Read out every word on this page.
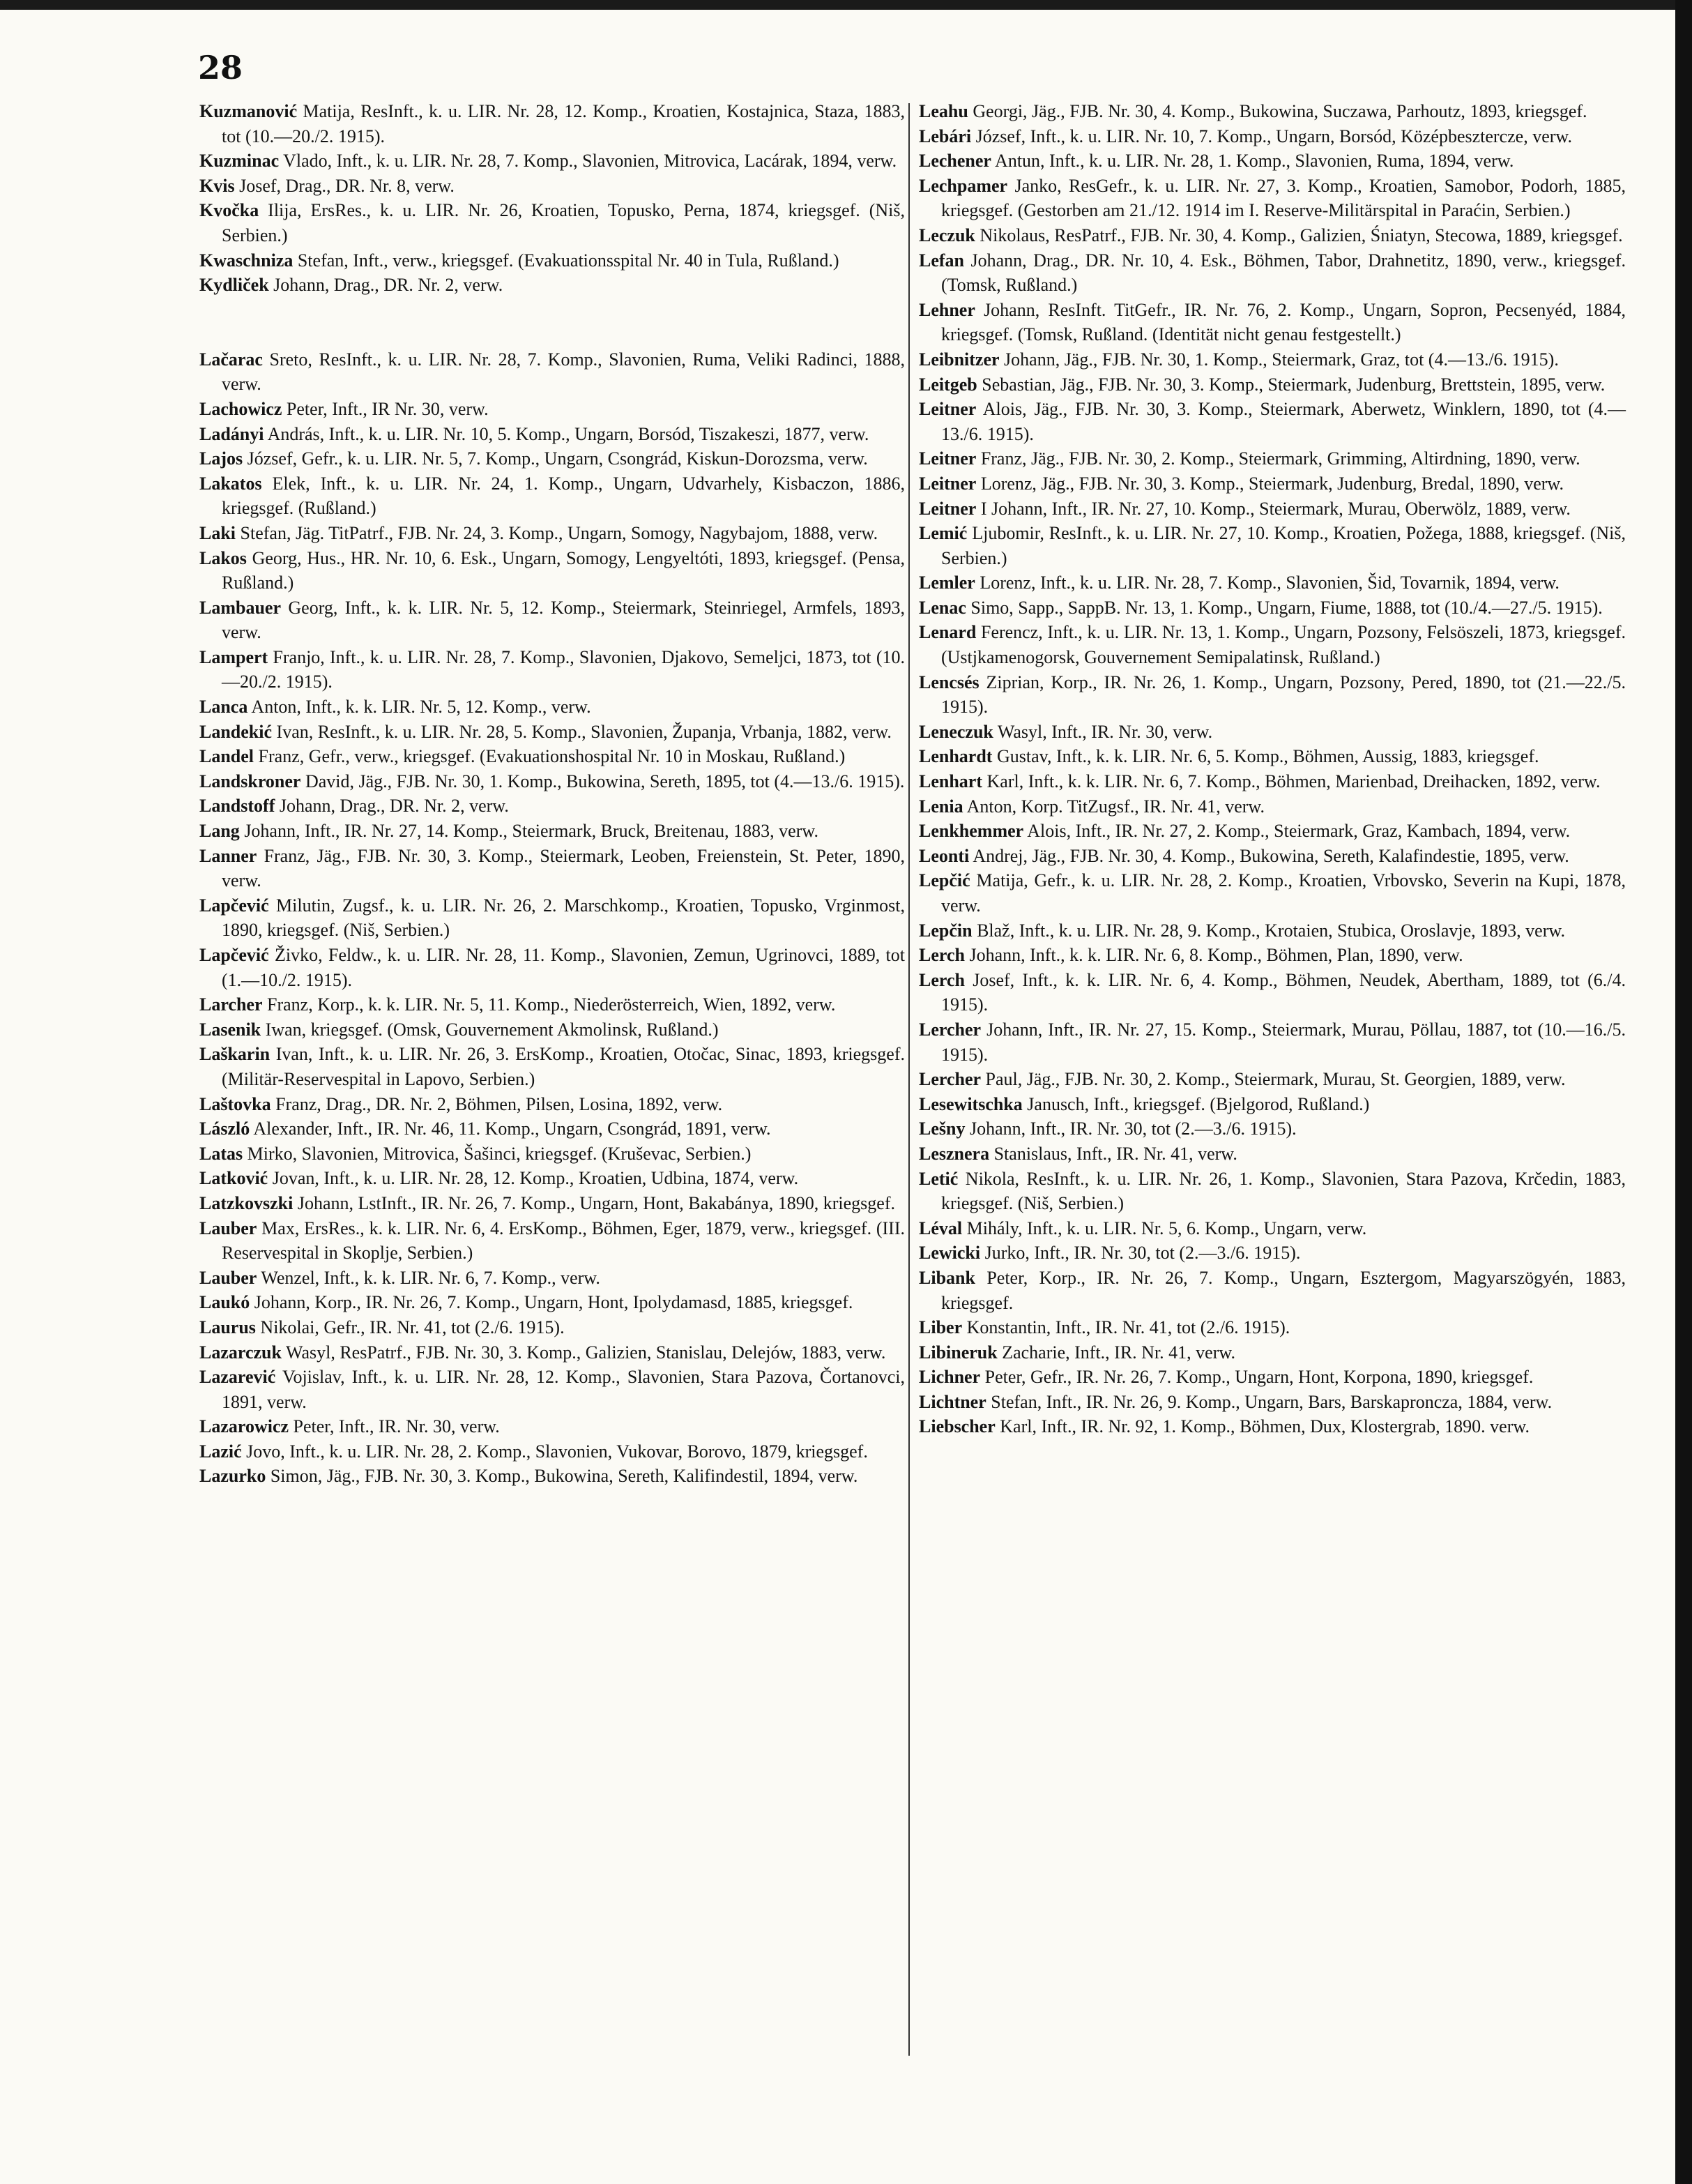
28

Kuzmanović Matija, ResInft., k. u. LIR. Nr. 28, 12. Komp., Kroatien, Kostajnica, Staza, 1883, tot (10.—20./2. 1915).

Kuzminac Vlado, Inft., k. u. LIR. Nr. 28, 7. Komp., Slavonien, Mitrovica, Lacárak, 1894, verw.

Kvis Josef, Drag., DR. Nr. 8, verw.

Kvočka Ilija, ErsRes., k. u. LIR. Nr. 26, Kroatien, Topusko, Perna, 1874, kriegsgef. (Niš, Serbien.)

Kwaschniza Stefan, Inft., verw., kriegsgef. (Evakuationsspital Nr. 40 in Tula, Rußland.)

Kydliček Johann, Drag., DR. Nr. 2, verw.

Lačarac Sreto, ResInft., k. u. LIR. Nr. 28, 7. Komp., Slavonien, Ruma, Veliki Radinci, 1888, verw.

Lachowicz Peter, Inft., IR Nr. 30, verw.

Ladányi András, Inft., k. u. LIR. Nr. 10, 5. Komp., Ungarn, Borsód, Tiszakeszi, 1877, verw.

Lajos József, Gefr., k. u. LIR. Nr. 5, 7. Komp., Ungarn, Csongrád, Kiskun-Dorozsma, verw.

Lakatos Elek, Inft., k. u. LIR. Nr. 24, 1. Komp., Ungarn, Udvarhely, Kisbaczon, 1886, kriegsgef. (Rußland.)

Laki Stefan, Jäg. TitPatrf., FJB. Nr. 24, 3. Komp., Ungarn, Somogy, Nagybajom, 1888, verw.

Lakos Georg, Hus., HR. Nr. 10, 6. Esk., Ungarn, Somogy, Lengyeltóti, 1893, kriegsgef. (Pensa, Rußland.)

Lambauer Georg, Inft., k. k. LIR. Nr. 5, 12. Komp., Steiermark, Steinriegel, Armfels, 1893, verw.

Lampert Franjo, Inft., k. u. LIR. Nr. 28, 7. Komp., Slavonien, Djakovo, Semeljci, 1873, tot (10.—20./2. 1915).

Lanca Anton, Inft., k. k. LIR. Nr. 5, 12. Komp., verw.

Landekić Ivan, ResInft., k. u. LIR. Nr. 28, 5. Komp., Slavonien, Županja, Vrbanja, 1882, verw.

Landel Franz, Gefr., verw., kriegsgef. (Evakuationshospital Nr. 10 in Moskau, Rußland.)

Landskroner David, Jäg., FJB. Nr. 30, 1. Komp., Bukowina, Sereth, 1895, tot (4.—13./6. 1915).

Landstoff Johann, Drag., DR. Nr. 2, verw.

Lang Johann, Inft., IR. Nr. 27, 14. Komp., Steiermark, Bruck, Breitenau, 1883, verw.

Lanner Franz, Jäg., FJB. Nr. 30, 3. Komp., Steiermark, Leoben, Freienstein, St. Peter, 1890, verw.

Lapčević Milutin, Zugsf., k. u. LIR. Nr. 26, 2. Marschkomp., Kroatien, Topusko, Vrginmost, 1890, kriegsgef. (Niš, Serbien.)

Lapčević Živko, Feldw., k. u. LIR. Nr. 28, 11. Komp., Slavonien, Zemun, Ugrinovci, 1889, tot (1.—10./2. 1915).

Larcher Franz, Korp., k. k. LIR. Nr. 5, 11. Komp., Niederösterreich, Wien, 1892, verw.

Lasenik Iwan, kriegsgef. (Omsk, Gouvernement Akmolinsk, Rußland.)

Laškarin Ivan, Inft., k. u. LIR. Nr. 26, 3. ErsKomp., Kroatien, Otočac, Sinac, 1893, kriegsgef. (Militär-Reservespital in Lapovo, Serbien.)

Laštovka Franz, Drag., DR. Nr. 2, Böhmen, Pilsen, Losina, 1892, verw.

László Alexander, Inft., IR. Nr. 46, 11. Komp., Ungarn, Csongrád, 1891, verw.

Latas Mirko, Slavonien, Mitrovica, Šašinci, kriegsgef. (Kruševac, Serbien.)

Latković Jovan, Inft., k. u. LIR. Nr. 28, 12. Komp., Kroatien, Udbina, 1874, verw.

Latzkovszki Johann, LstInft., IR. Nr. 26, 7. Komp., Ungarn, Hont, Bakabánya, 1890, kriegsgef.

Lauber Max, ErsRes., k. k. LIR. Nr. 6, 4. ErsKomp., Böhmen, Eger, 1879, verw., kriegsgef. (III. Reservespital in Skoplje, Serbien.)

Lauber Wenzel, Inft., k. k. LIR. Nr. 6, 7. Komp., verw.

Laukó Johann, Korp., IR. Nr. 26, 7. Komp., Ungarn, Hont, Ipolydamasd, 1885, kriegsgef.

Laurus Nikolai, Gefr., IR. Nr. 41, tot (2./6. 1915).

Lazarczuk Wasyl, ResPatrf., FJB. Nr. 30, 3. Komp., Galizien, Stanislau, Delejów, 1883, verw.

Lazarević Vojislav, Inft., k. u. LIR. Nr. 28, 12. Komp., Slavonien, Stara Pazova, Čortanovci, 1891, verw.

Lazarowicz Peter, Inft., IR. Nr. 30, verw.

Lazić Jovo, Inft., k. u. LIR. Nr. 28, 2. Komp., Slavonien, Vukovar, Borovo, 1879, kriegsgef.

Lazurko Simon, Jäg., FJB. Nr. 30, 3. Komp., Bukowina, Sereth, Kalifindestil, 1894, verw.

Leahu Georgi, Jäg., FJB. Nr. 30, 4. Komp., Bukowina, Suczawa, Parhoutz, 1893, kriegsgef.

Lebári József, Inft., k. u. LIR. Nr. 10, 7. Komp., Ungarn, Borsód, Középbesztercze, verw.

Lechener Antun, Inft., k. u. LIR. Nr. 28, 1. Komp., Slavonien, Ruma, 1894, verw.

Lechpamer Janko, ResGefr., k. u. LIR. Nr. 27, 3. Komp., Kroatien, Samobor, Podorh, 1885, kriegsgef. (Gestorben am 21./12. 1914 im I. Reserve-Militärspital in Paraćin, Serbien.)

Leczuk Nikolaus, ResPatrf., FJB. Nr. 30, 4. Komp., Galizien, Śniatyn, Stecowa, 1889, kriegsgef.

Lefan Johann, Drag., DR. Nr. 10, 4. Esk., Böhmen, Tabor, Drahnetitz, 1890, verw., kriegsgef. (Tomsk, Rußland.)

Lehner Johann, ResInft. TitGefr., IR. Nr. 76, 2. Komp., Ungarn, Sopron, Pecsenyéd, 1884, kriegsgef. (Tomsk, Rußland. (Identität nicht genau festgestellt.)

Leibnitzer Johann, Jäg., FJB. Nr. 30, 1. Komp., Steiermark, Graz, tot (4.—13./6. 1915).

Leitgeb Sebastian, Jäg., FJB. Nr. 30, 3. Komp., Steiermark, Judenburg, Brettstein, 1895, verw.

Leitner Alois, Jäg., FJB. Nr. 30, 3. Komp., Steiermark, Aberwetz, Winklern, 1890, tot (4.—13./6. 1915).

Leitner Franz, Jäg., FJB. Nr. 30, 2. Komp., Steiermark, Grimming, Altirdning, 1890, verw.

Leitner Lorenz, Jäg., FJB. Nr. 30, 3. Komp., Steiermark, Judenburg, Bredal, 1890, verw.

Leitner I Johann, Inft., IR. Nr. 27, 10. Komp., Steiermark, Murau, Oberwölz, 1889, verw.

Lemić Ljubomir, ResInft., k. u. LIR. Nr. 27, 10. Komp., Kroatien, Požega, 1888, kriegsgef. (Niš, Serbien.)

Lemler Lorenz, Inft., k. u. LIR. Nr. 28, 7. Komp., Slavonien, Šid, Tovarnik, 1894, verw.

Lenac Simo, Sapp., SappB. Nr. 13, 1. Komp., Ungarn, Fiume, 1888, tot (10./4.—27./5. 1915).

Lenard Ferencz, Inft., k. u. LIR. Nr. 13, 1. Komp., Ungarn, Pozsony, Felsöszeli, 1873, kriegsgef. (Ustjkamenogorsk, Gouvernement Semipalatinsk, Rußland.)

Lencsés Ziprian, Korp., IR. Nr. 26, 1. Komp., Ungarn, Pozsony, Pered, 1890, tot (21.—22./5. 1915).

Leneczuk Wasyl, Inft., IR. Nr. 30, verw.

Lenhardt Gustav, Inft., k. k. LIR. Nr. 6, 5. Komp., Böhmen, Aussig, 1883, kriegsgef.

Lenhart Karl, Inft., k. k. LIR. Nr. 6, 7. Komp., Böhmen, Marienbad, Dreihacken, 1892, verw.

Lenia Anton, Korp. TitZugsf., IR. Nr. 41, verw.

Lenkhemmer Alois, Inft., IR. Nr. 27, 2. Komp., Steiermark, Graz, Kambach, 1894, verw.

Leonti Andrej, Jäg., FJB. Nr. 30, 4. Komp., Bukowina, Sereth, Kalafindestie, 1895, verw.

Lepčić Matija, Gefr., k. u. LIR. Nr. 28, 2. Komp., Kroatien, Vrbovsko, Severin na Kupi, 1878, verw.

Lepčin Blaž, Inft., k. u. LIR. Nr. 28, 9. Komp., Krotaien, Stubica, Oroslavje, 1893, verw.

Lerch Johann, Inft., k. k. LIR. Nr. 6, 8. Komp., Böhmen, Plan, 1890, verw.

Lerch Josef, Inft., k. k. LIR. Nr. 6, 4. Komp., Böhmen, Neudek, Abertham, 1889, tot (6./4. 1915).

Lercher Johann, Inft., IR. Nr. 27, 15. Komp., Steiermark, Murau, Pöllau, 1887, tot (10.—16./5. 1915).

Lercher Paul, Jäg., FJB. Nr. 30, 2. Komp., Steiermark, Murau, St. Georgien, 1889, verw.

Lesewitschka Janusch, Inft., kriegsgef. (Bjelgorod, Rußland.)

Lešny Johann, Inft., IR. Nr. 30, tot (2.—3./6. 1915).

Lesznera Stanislaus, Inft., IR. Nr. 41, verw.

Letić Nikola, ResInft., k. u. LIR. Nr. 26, 1. Komp., Slavonien, Stara Pazova, Krčedin, 1883, kriegsgef. (Niš, Serbien.)

Léval Mihály, Inft., k. u. LIR. Nr. 5, 6. Komp., Ungarn, verw.

Lewicki Jurko, Inft., IR. Nr. 30, tot (2.—3./6. 1915).

Libank Peter, Korp., IR. Nr. 26, 7. Komp., Ungarn, Esztergom, Magyarszögyén, 1883, kriegsgef.

Liber Konstantin, Inft., IR. Nr. 41, tot (2./6. 1915).

Libineruk Zacharie, Inft., IR. Nr. 41, verw.

Lichner Peter, Gefr., IR. Nr. 26, 7. Komp., Ungarn, Hont, Korpona, 1890, kriegsgef.

Lichtner Stefan, Inft., IR. Nr. 26, 9. Komp., Ungarn, Bars, Barskaproncza, 1884, verw.

Liebscher Karl, Inft., IR. Nr. 92, 1. Komp., Böhmen, Dux, Klostergrab, 1890. verw.
